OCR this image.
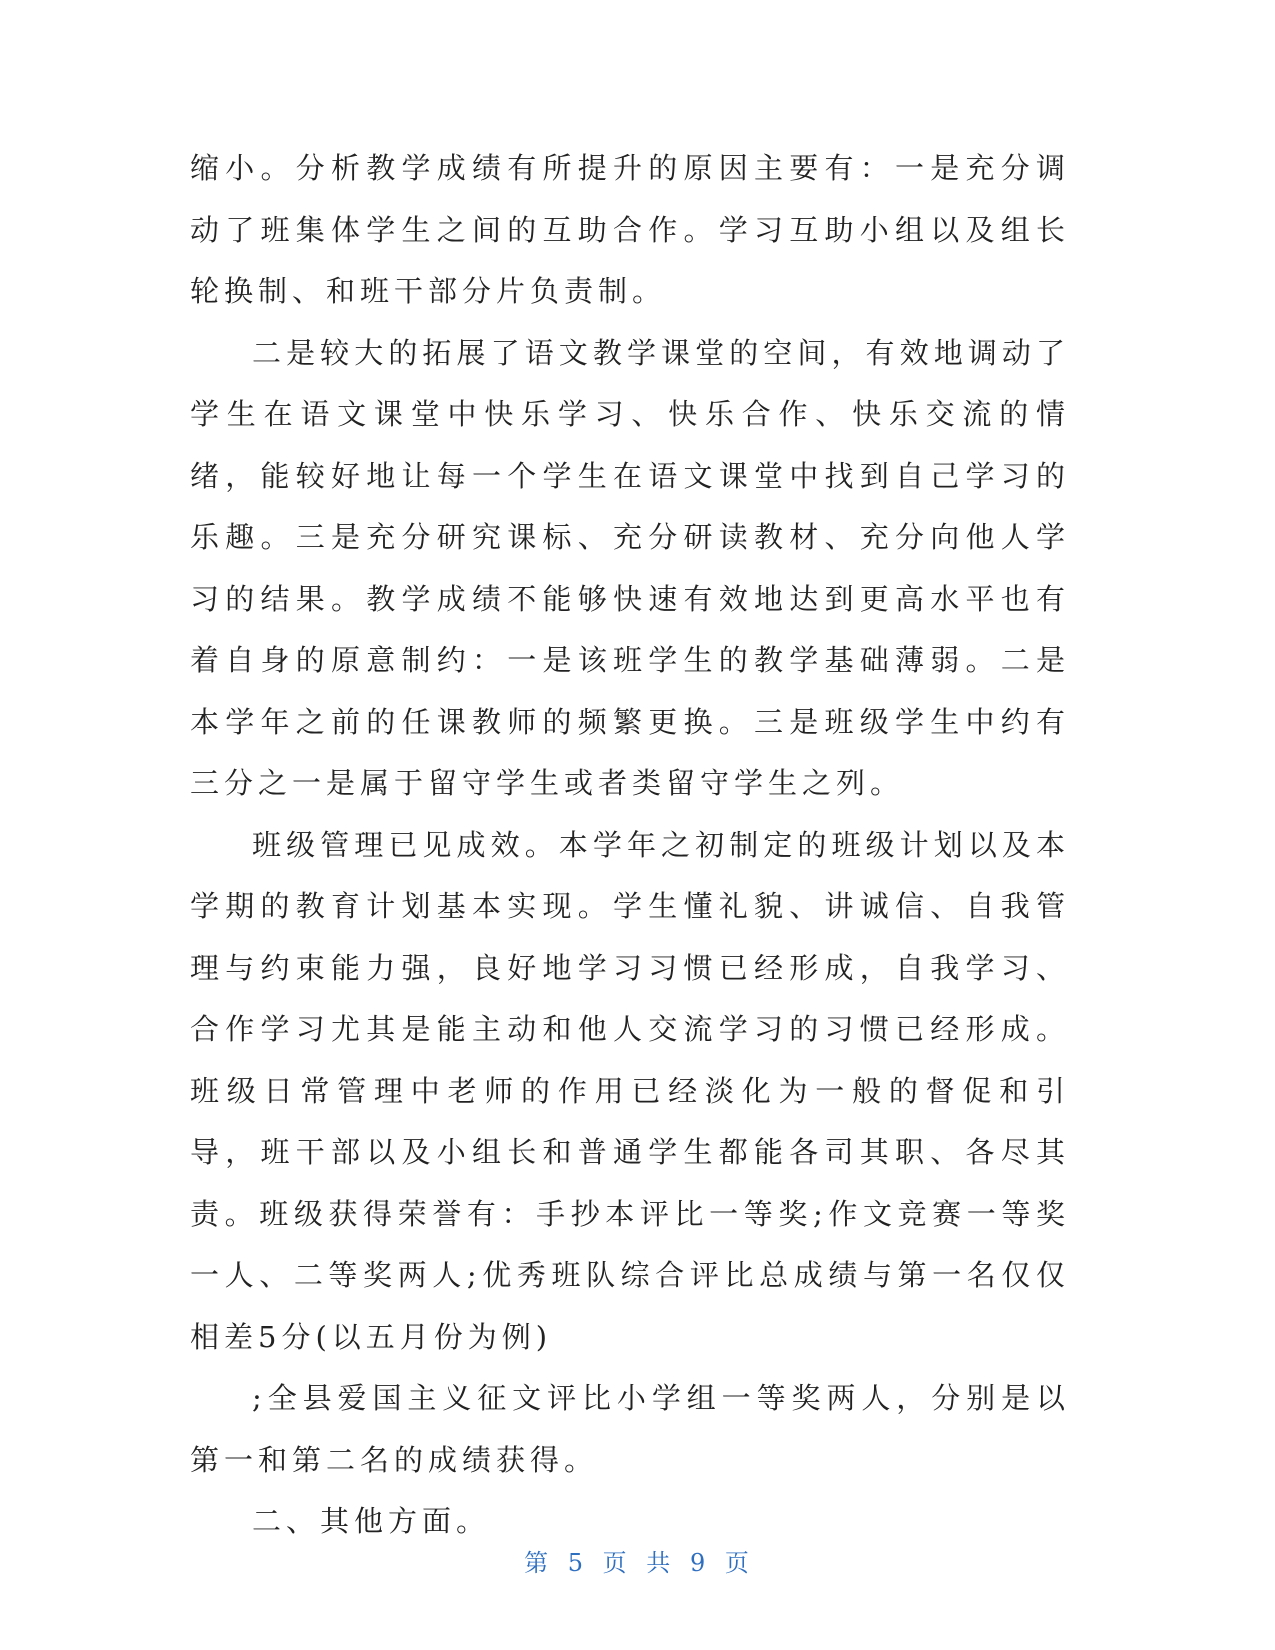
缩小。分析教学成绩有所提升的原因主要有：一是充分调动了班集体学生之间的互助合作。学习互助小组以及组长轮换制、和班干部分片负责制。

二是较大的拓展了语文教学课堂的空间，有效地调动了学生在语文课堂中快乐学习、快乐合作、快乐交流的情绪，能较好地让每一个学生在语文课堂中找到自己学习的乐趣。三是充分研究课标、充分研读教材、充分向他人学习的结果。教学成绩不能够快速有效地达到更高水平也有着自身的原意制约：一是该班学生的教学基础薄弱。二是本学年之前的任课教师的频繁更换。三是班级学生中约有三分之一是属于留守学生或者类留守学生之列。

班级管理已见成效。本学年之初制定的班级计划以及本学期的教育计划基本实现。学生懂礼貌、讲诚信、自我管理与约束能力强，良好地学习习惯已经形成，自我学习、合作学习尤其是能主动和他人交流学习的习惯已经形成。班级日常管理中老师的作用已经淡化为一般的督促和引导，班干部以及小组长和普通学生都能各司其职、各尽其责。班级获得荣誉有：手抄本评比一等奖;作文竞赛一等奖一人、二等奖两人;优秀班队综合评比总成绩与第一名仅仅相差5分(以五月份为例)

;全县爱国主义征文评比小学组一等奖两人，分别是以第一和第二名的成绩获得。

二、其他方面。

第 5 页 共 9 页
